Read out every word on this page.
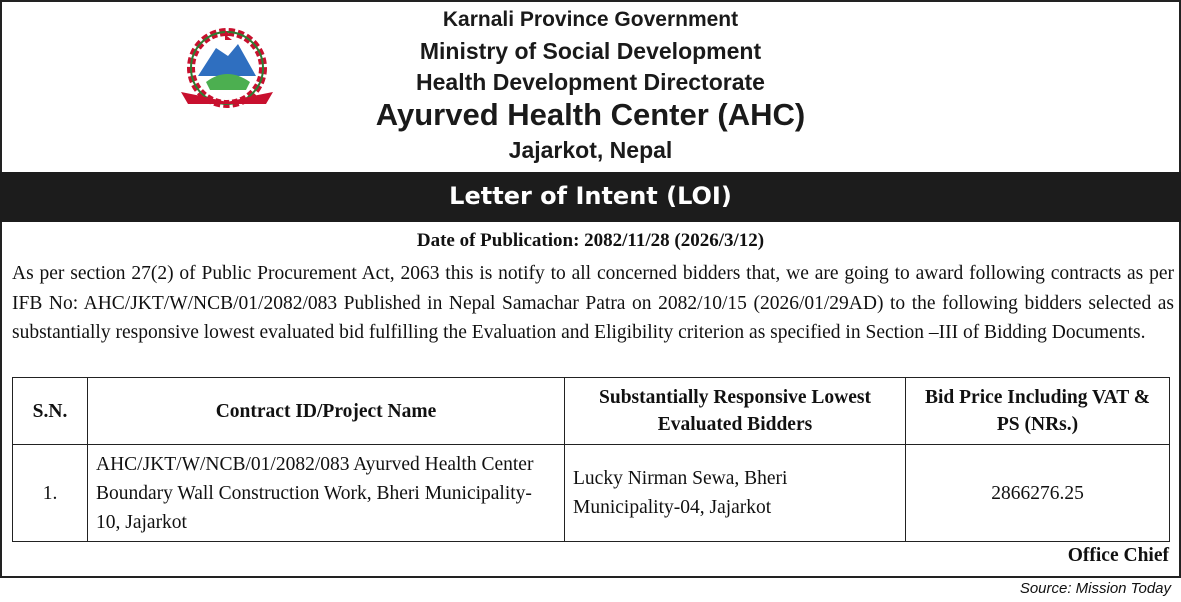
Karnali Province Government
Ministry of Social Development
Health Development Directorate
Ayurved Health Center (AHC)
Jajarkot, Nepal
Letter of Intent (LOI)
Date of Publication: 2082/11/28 (2026/3/12)
As per section 27(2) of Public Procurement Act, 2063 this is notify to all concerned bidders that, we are going to award following contracts as per IFB No: AHC/JKT/W/NCB/01/2082/083 Published in Nepal Samachar Patra on 2082/10/15 (2026/01/29AD) to the following bidders selected as substantially responsive lowest evaluated bid fulfilling the Evaluation and Eligibility criterion as specified in Section –III of Bidding Documents.
S.N.	Contract ID/Project Name	Substantially Responsive Lowest Evaluated Bidders	Bid Price Including VAT & PS (NRs.)
1.	AHC/JKT/W/NCB/01/2082/083 Ayurved Health Center Boundary Wall Construction Work, Bheri Municipality-10, Jajarkot	Lucky Nirman Sewa, Bheri Municipality-04, Jajarkot	2866276.25
Office Chief
Source: Mission Today
